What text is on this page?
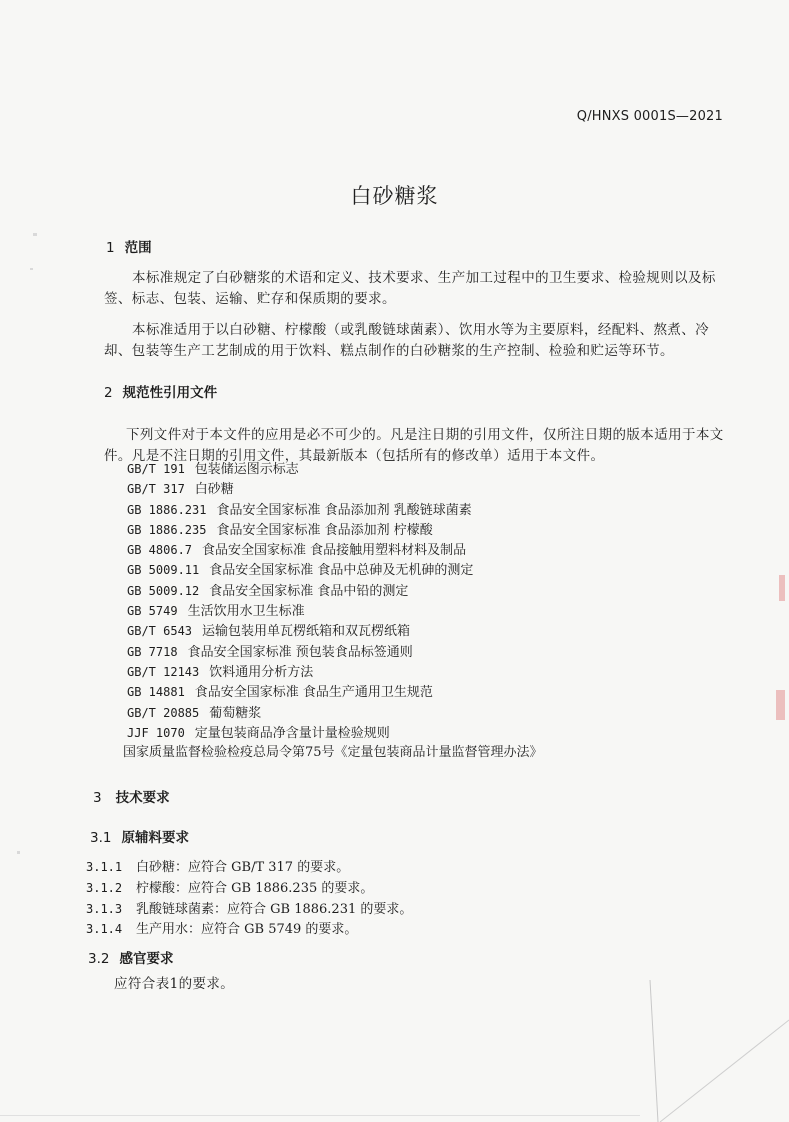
Q/HNXS 0001S—2021
白砂糖浆
1 范围

本标准规定了白砂糖浆的术语和定义、技术要求、生产加工过程中的卫生要求、检验规则以及标签、标志、包装、运输、贮存和保质期的要求。

本标准适用于以白砂糖、柠檬酸（或乳酸链球菌素）、饮用水等为主要原料，经配料、熬煮、冷却、包装等生产工艺制成的用于饮料、糕点制作的白砂糖浆的生产控制、检验和贮运等环节。

2 规范性引用文件

下列文件对于本文件的应用是必不可少的。凡是注日期的引用文件，仅所注日期的版本适用于本文件。凡是不注日期的引用文件，其最新版本（包括所有的修改单）适用于本文件。

GB/T 191 包装储运图示标志
GB/T 317 白砂糖
GB 1886.231 食品安全国家标准 食品添加剂 乳酸链球菌素
GB 1886.235 食品安全国家标准 食品添加剂 柠檬酸
GB 4806.7 食品安全国家标准 食品接触用塑料材料及制品
GB 5009.11 食品安全国家标准 食品中总砷及无机砷的测定
GB 5009.12 食品安全国家标准 食品中铅的测定
GB 5749 生活饮用水卫生标准
GB/T 6543 运输包装用单瓦楞纸箱和双瓦楞纸箱
GB 7718 食品安全国家标准 预包装食品标签通则
GB/T 12143 饮料通用分析方法
GB 14881 食品安全国家标准 食品生产通用卫生规范
GB/T 20885 葡萄糖浆
JJF 1070 定量包装商品净含量计量检验规则
国家质量监督检验检疫总局令第75号《定量包装商品计量监督管理办法》
3 技术要求
3.1 原辅料要求
3.1.1 白砂糖：应符合 GB/T 317 的要求。
3.1.2 柠檬酸：应符合 GB 1886.235 的要求。
3.1.3 乳酸链球菌素：应符合 GB 1886.231 的要求。
3.1.4 生产用水：应符合 GB 5749 的要求。
3.2 感官要求
应符合表1的要求。
